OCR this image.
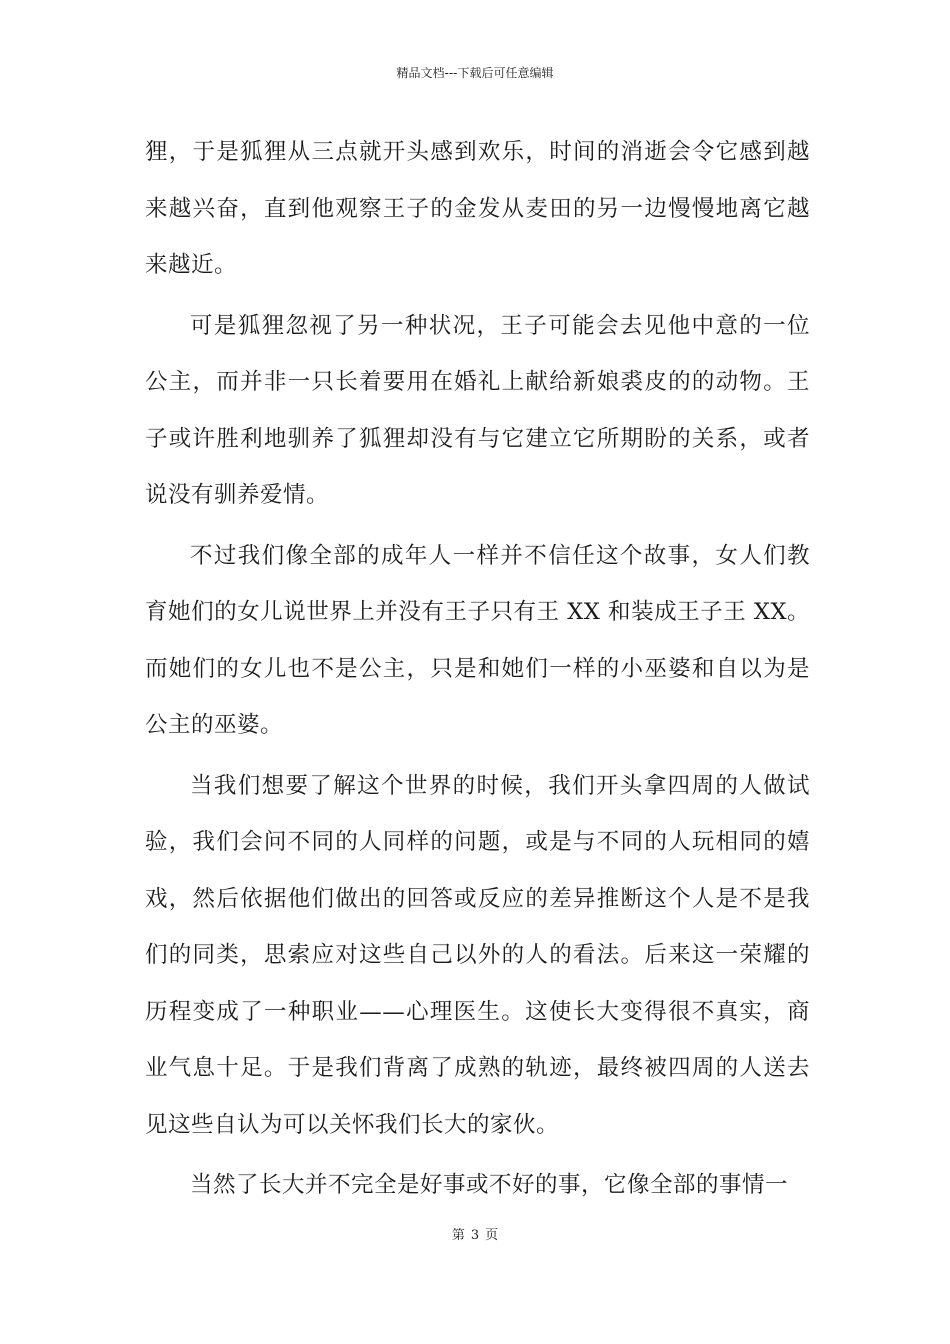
精品文档---下载后可任意编辑

狸，于是狐狸从三点就开头感到欢乐，时间的消逝会令它感到越来越兴奋，直到他观察王子的金发从麦田的另一边慢慢地离它越来越近。

可是狐狸忽视了另一种状况，王子可能会去见他中意的一位公主，而并非一只长着要用在婚礼上献给新娘裘皮的的动物。王子或许胜利地驯养了狐狸却没有与它建立它所期盼的关系，或者说没有驯养爱情。

不过我们像全部的成年人一样并不信任这个故事，女人们教育她们的女儿说世界上并没有王子只有王 XX 和装成王子王 XX。而她们的女儿也不是公主，只是和她们一样的小巫婆和自以为是公主的巫婆。

当我们想要了解这个世界的时候，我们开头拿四周的人做试验，我们会问不同的人同样的问题，或是与不同的人玩相同的嬉戏，然后依据他们做出的回答或反应的差异推断这个人是不是我们的同类，思索应对这些自己以外的人的看法。后来这一荣耀的历程变成了一种职业——心理医生。这使长大变得很不真实，商业气息十足。于是我们背离了成熟的轨迹，最终被四周的人送去见这些自认为可以关怀我们长大的家伙。

当然了长大并不完全是好事或不好的事，它像全部的事情一

第 3 页
